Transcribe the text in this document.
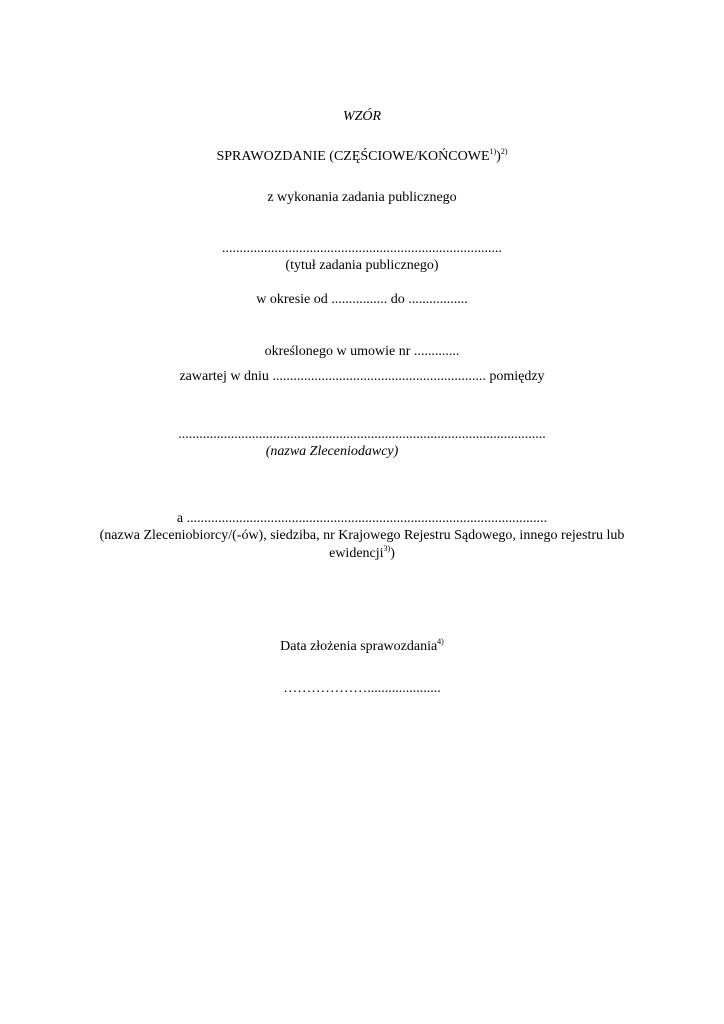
WZÓR
SPRAWOZDANIE (CZĘŚCIOWE/KOŃCOWE$^{1)}$)$^{2)}$
z wykonania zadania publicznego
................................................................................
(tytuł zadania publicznego)
w okresie od ................ do .................
określonego w umowie nr .............
zawartej w dniu ............................................................. pomiędzy
.........................................................................................................
(nazwa Zleceniodawcy)
a .......................................................................................................
(nazwa Zleceniobiorcy/(-ów), siedziba, nr Krajowego Rejestru Sądowego, innego rejestru lub
ewidencji$^{3)}$)
Data złożenia sprawozdania$^{4)}$
……………….....................
